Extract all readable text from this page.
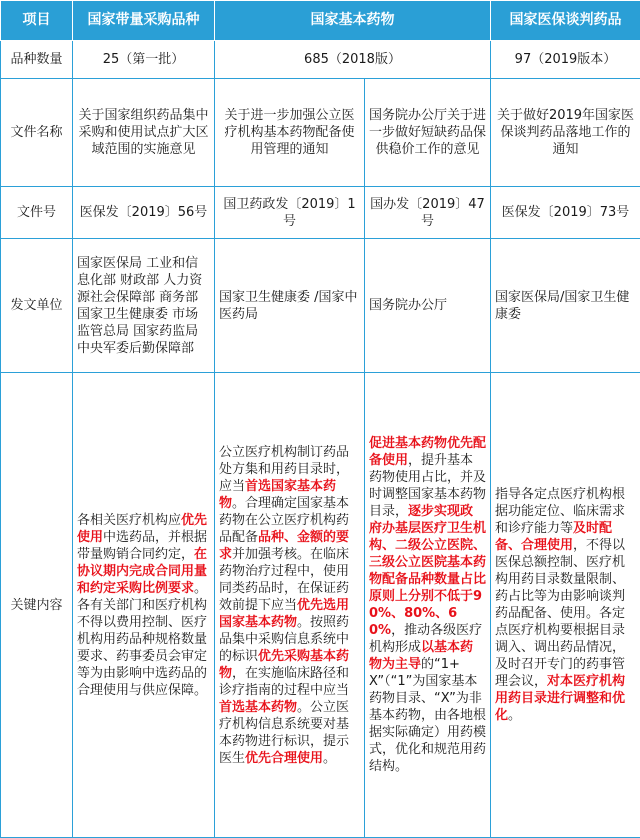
项目	国家带量采购品种	国家基本药物		国家医保谈判药品
品种数量	25（第一批）	685（2018版）		97（2019版本）
文件名称	关于国家组织药品集中采购和使用试点扩大区域范围的实施意见	关于进一步加强公立医疗机构基本药物配备使用管理的通知	国务院办公厅关于进一步做好短缺药品保供稳价工作的意见	关于做好2019年国家医保谈判药品落地工作的通知
文件号	医保发〔2019〕56号	国卫药政发〔2019〕1号	国办发〔2019〕47号	医保发〔2019〕73号
发文单位	国家医保局 工业和信息化部 财政部 人力资源社会保障部 商务部 国家卫生健康委 市场监管总局 国家药监局 中央军委后勤保障部	国家卫生健康委 /国家中医药局	国务院办公厅	国家医保局/国家卫生健康委
关键内容	各相关医疗机构应优先使用中选药品，并根据带量购销合同约定，在协议期内完成合同用量和约定采购比例要求。各有关部门和医疗机构不得以费用控制、医疗机构用药品种规格数量要求、药事委员会审定等为由影响中选药品的合理使用与供应保障。	公立医疗机构制订药品处方集和用药目录时，应当首选国家基本药物。合理确定国家基本药物在公立医疗机构药品配备品种、金额的要求并加强考核。在临床药物治疗过程中，使用同类药品时，在保证药效前提下应当优先选用国家基本药物。按照药品集中采购信息系统中的标识优先采购基本药物，在实施临床路径和诊疗指南的过程中应当首选基本药物。公立医疗机构信息系统要对基本药物进行标识，提示医生优先合理使用。	促进基本药物优先配备使用，提升基本药物使用占比，并及时调整国家基本药物目录，逐步实现政府办基层医疗卫生机构、二级公立医院、三级公立医院基本药物配备品种数量占比原则上分别不低于90%、80%、60%，推动各级医疗机构形成以基本药物为主导的“1+X”（“1”为国家基本药物目录、“X”为非基本药物，由各地根据实际确定）用药模式，优化和规范用药结构。	指导各定点医疗机构根据功能定位、临床需求和诊疗能力等及时配备、合理使用，不得以医保总额控制、医疗机构用药目录数量限制、药占比等为由影响谈判药品配备、使用。各定点医疗机构要根据目录调入、调出药品情况，及时召开专门的药事管理会议，对本医疗机构用药目录进行调整和优化。
